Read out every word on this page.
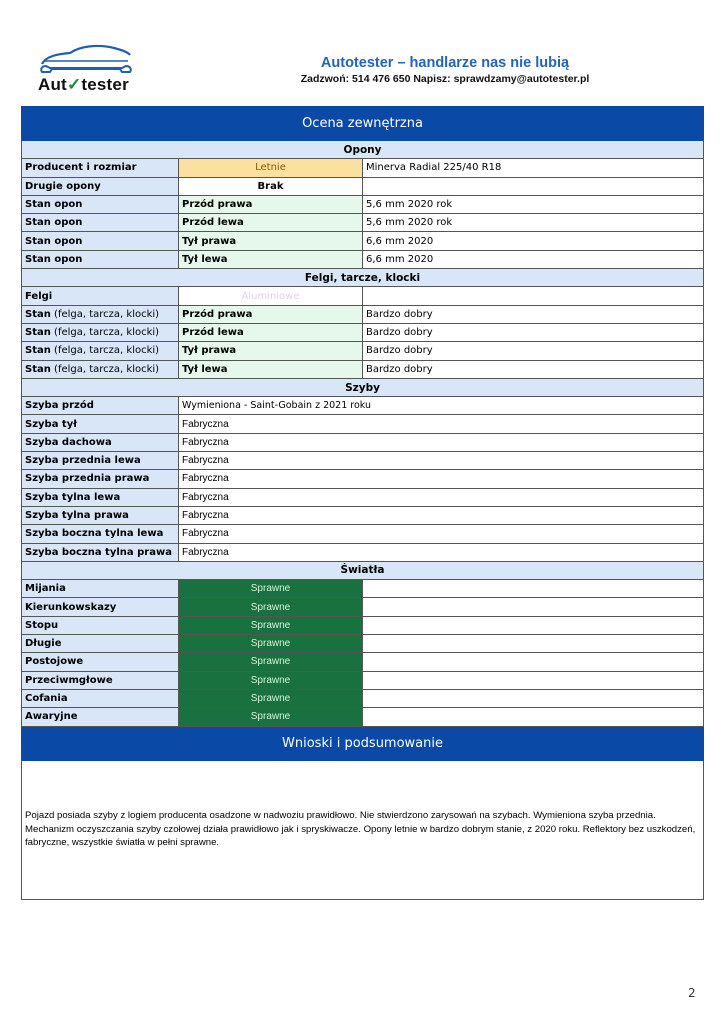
Aut✓tester
Autotester – handlarze nas nie lubią
Zadzwoń: 514 476 650 Napisz: sprawdzamy@autotester.pl
Ocena zewnętrzna		
Opony		
Producent i rozmiar	Letnie	Minerva Radial 225/40 R18
Drugie opony	Brak	
Stan opon	Przód prawa	5,6 mm 2020 rok
Stan opon	Przód lewa	5,6 mm 2020 rok
Stan opon	Tył prawa	6,6 mm 2020
Stan opon	Tył lewa	6,6 mm 2020
Felgi, tarcze, klocki		
Felgi	Aluminiowe	
Stan (felga, tarcza, klocki)	Przód prawa	Bardzo dobry
Stan (felga, tarcza, klocki)	Przód lewa	Bardzo dobry
Stan (felga, tarcza, klocki)	Tył prawa	Bardzo dobry
Stan (felga, tarcza, klocki)	Tył lewa	Bardzo dobry
Szyby		
Szyba przód	Wymieniona - Saint-Gobain z 2021 roku	
Szyba tył	Fabryczna	
Szyba dachowa	Fabryczna	
Szyba przednia lewa	Fabryczna	
Szyba przednia prawa	Fabryczna	
Szyba tylna lewa	Fabryczna	
Szyba tylna prawa	Fabryczna	
Szyba boczna tylna lewa	Fabryczna	
Szyba boczna tylna prawa	Fabryczna	
Światła		
Mijania	Sprawne	
Kierunkowskazy	Sprawne	
Stopu	Sprawne	
Długie	Sprawne	
Postojowe	Sprawne	
Przeciwmgłowe	Sprawne	
Cofania	Sprawne	
Awaryjne	Sprawne	
Wnioski i podsumowanie		
Pojazd posiada szyby z logiem producenta osadzone w nadwoziu prawidłowo. Nie stwierdzono zarysowań na szybach. Wymieniona szyba przednia. Mechanizm oczyszczania szyby czołowej działa prawidłowo jak i spryskiwacze. Opony letnie w bardzo dobrym stanie, z 2020 roku. Reflektory bez uszkodzeń, fabryczne, wszystkie światła w pełni sprawne.		
2
